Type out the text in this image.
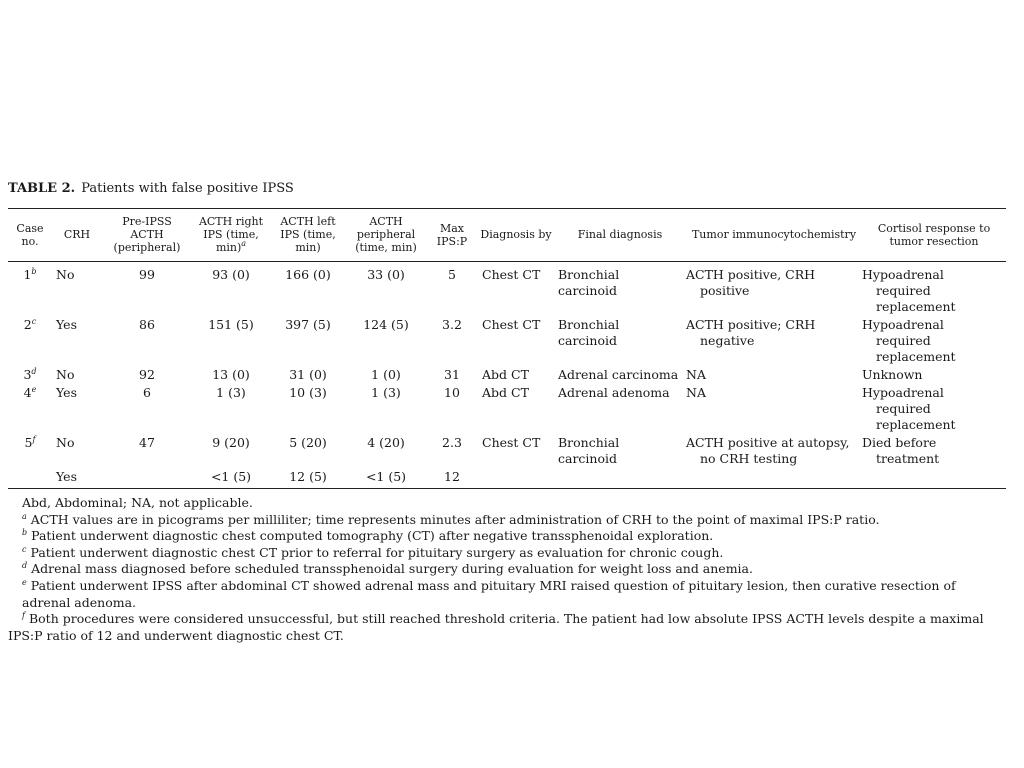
TABLE 2. Patients with false positive IPSS
Case no.	CRH	Pre-IPSS ACTH (peripheral)	ACTH right IPS (time, min)$^a$	ACTH left IPS (time, min)	ACTH peripheral (time, min)	Max IPS:P	Diagnosis by	Final diagnosis	Tumor immunocytochemistry	Cortisol response to tumor resection
1$^b$	No	99	93 (0)	166 (0)	33 (0)	5	Chest CT	Bronchial carcinoid	ACTH positive, CRH positive	Hypoadrenal required replacement
2$^c$	Yes	86	151 (5)	397 (5)	124 (5)	3.2	Chest CT	Bronchial carcinoid	ACTH positive; CRH negative	Hypoadrenal required replacement
3$^d$	No	92	13 (0)	31 (0)	1 (0)	31	Abd CT	Adrenal carcinoma	NA	Unknown
4e	Yes	6	1 (3)	10 (3)	1 (3)	10	Abd CT	Adrenal adenoma	NA	Hypoadrenal required replacement
5$^f$	No	47	9 (20)	5 (20)	4 (20)	2.3	Chest CT	Bronchial carcinoid	ACTH positive at autopsy, no CRH testing	Died before treatment
	Yes		<1 (5)	12 (5)	<1 (5)	12				
Abd, Abdominal; NA, not applicable.
$^a$ ACTH values are in picograms per milliliter; time represents minutes after administration of CRH to the point of maximal IPS:P ratio.
$^b$ Patient underwent diagnostic chest computed tomography (CT) after negative transsphenoidal exploration.
$^c$ Patient underwent diagnostic chest CT prior to referral for pituitary surgery as evaluation for chronic cough.
$^d$ Adrenal mass diagnosed before scheduled transsphenoidal surgery during evaluation for weight loss and anemia.
$^e$ Patient underwent IPSS after abdominal CT showed adrenal mass and pituitary MRI raised question of pituitary lesion, then curative resection of adrenal adenoma.
$^f$ Both procedures were considered unsuccessful, but still reached threshold criteria. The patient had low absolute IPSS ACTH levels despite a maximal IPS:P ratio of 12 and underwent diagnostic chest CT.
